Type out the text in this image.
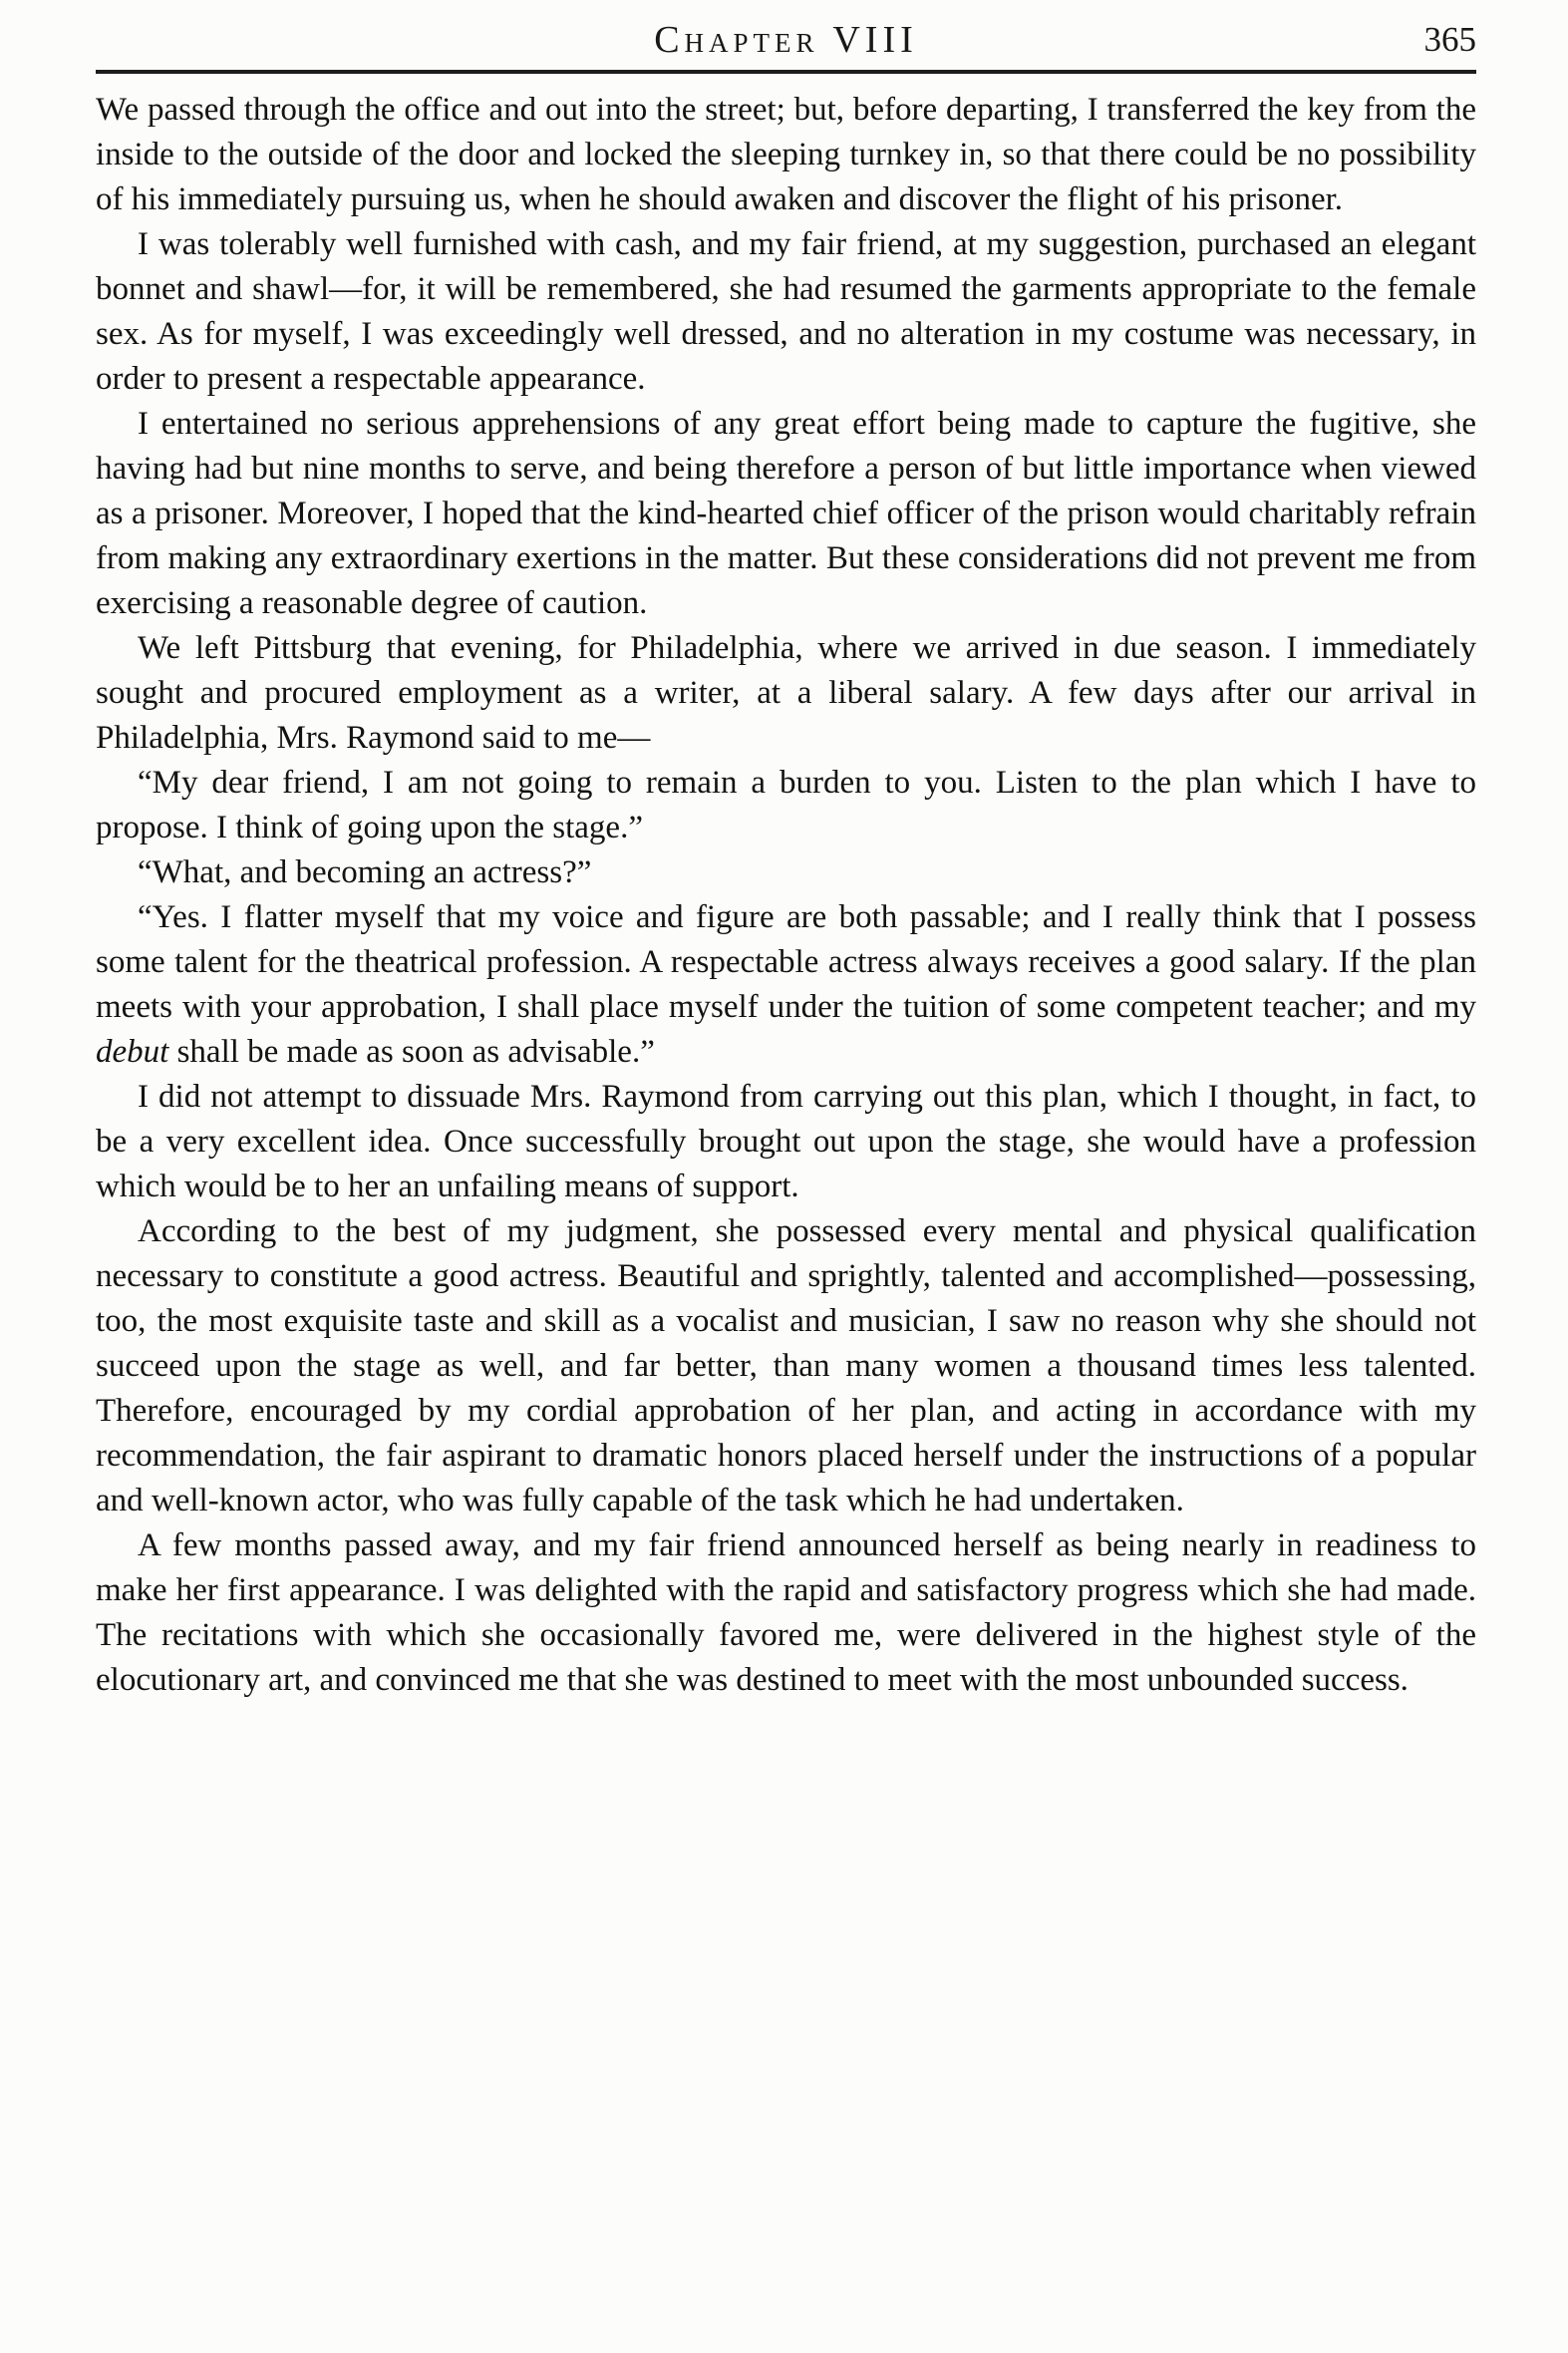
Chapter VIII	365

We passed through the office and out into the street; but, before departing, I transferred the key from the inside to the outside of the door and locked the sleeping turnkey in, so that there could be no possibility of his immediately pursuing us, when he should awaken and discover the flight of his prisoner.

I was tolerably well furnished with cash, and my fair friend, at my suggestion, purchased an elegant bonnet and shawl—for, it will be remembered, she had resumed the garments appropriate to the female sex. As for myself, I was exceedingly well dressed, and no alteration in my costume was necessary, in order to present a respectable appearance.

I entertained no serious apprehensions of any great effort being made to capture the fugitive, she having had but nine months to serve, and being therefore a person of but little importance when viewed as a prisoner. Moreover, I hoped that the kind-hearted chief officer of the prison would charitably refrain from making any extraordinary exertions in the matter. But these considerations did not prevent me from exercising a reasonable degree of caution.

We left Pittsburg that evening, for Philadelphia, where we arrived in due season. I immediately sought and procured employment as a writer, at a liberal salary. A few days after our arrival in Philadelphia, Mrs. Raymond said to me—

“My dear friend, I am not going to remain a burden to you. Listen to the plan which I have to propose. I think of going upon the stage.”

“What, and becoming an actress?”

“Yes. I flatter myself that my voice and figure are both passable; and I really think that I possess some talent for the theatrical profession. A respectable actress always receives a good salary. If the plan meets with your approbation, I shall place myself under the tuition of some competent teacher; and my debut shall be made as soon as advisable.”

I did not attempt to dissuade Mrs. Raymond from carrying out this plan, which I thought, in fact, to be a very excellent idea. Once successfully brought out upon the stage, she would have a profession which would be to her an unfailing means of support.

According to the best of my judgment, she possessed every mental and physical qualification necessary to constitute a good actress. Beautiful and sprightly, talented and accomplished—possessing, too, the most exquisite taste and skill as a vocalist and musician, I saw no reason why she should not succeed upon the stage as well, and far better, than many women a thousand times less talented. Therefore, encouraged by my cordial approbation of her plan, and acting in accordance with my recommendation, the fair aspirant to dramatic honors placed herself under the instructions of a popular and well-known actor, who was fully capable of the task which he had undertaken.

A few months passed away, and my fair friend announced herself as being nearly in readiness to make her first appearance. I was delighted with the rapid and satisfactory progress which she had made. The recitations with which she occasionally favored me, were delivered in the highest style of the elocutionary art, and convinced me that she was destined to meet with the most unbounded success.
